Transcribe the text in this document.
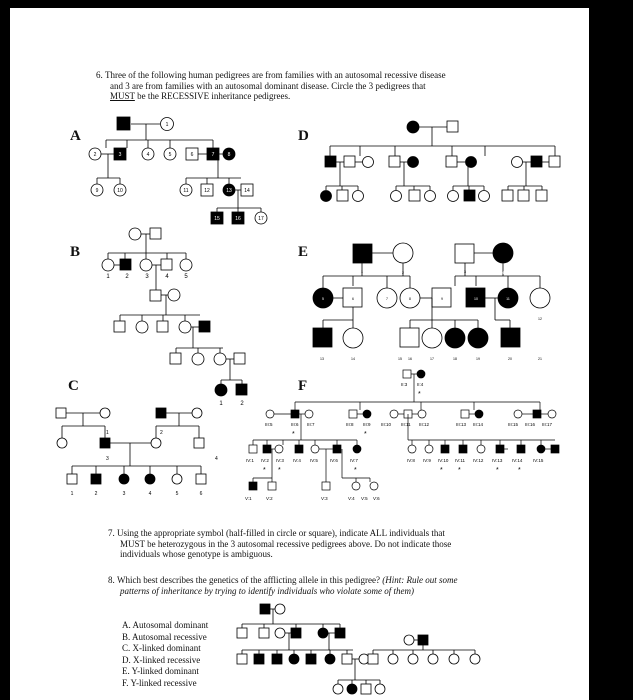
6. Three of the following human pedigrees are from families with an autosomal recessive disease

and 3 are from families with an autosomal dominant disease. Circle the 3 pedigrees that

MUST be the RECESSIVE inheritance pedigrees.

A
B
C
D
E
F
1
2	3	4	5	6	7	8
9	10	11	12	13 14
15	16	17
1	2	3	4	5
1	2
1	2	3	4
5	6	7	8	9	10	11
12
13	14	15 16	17	18	19	20	21
1	2
3	4
1	2	3	4	5	6
II:3 II:4
*
III:5	III:6 III:7
*
III:8 III:9 III:10 III:11 III:12
*
III:13 III:14	III:15 III:16 III:17
IV:1 IV:2 IV:3 IV:4 IV:5	IV:6	IV:7
* *	*
V:1	V:2	V:3	V:4 V:5 V:6
IV:8 IV:9 IV:10 IV:11 IV:12 IV:13 IV:14 IV:15
* *	*	*

7. Using the appropriate symbol (half-filled in circle or square), indicate ALL individuals that

MUST be heterozygous in the 3 autosomal recessive pedigrees above. Do not indicate those

individuals whose genotype is ambiguous.

8. Which best describes the genetics of the afflicting allele in this pedigree? (Hint: Rule out some

patterns of inheritance by trying to identify individuals who violate some of them)

A. Autosomal dominant
B. Autosomal recessive
C. X-linked dominant
D. X-linked recessive
E. Y-linked dominant
F. Y-linked recessive
